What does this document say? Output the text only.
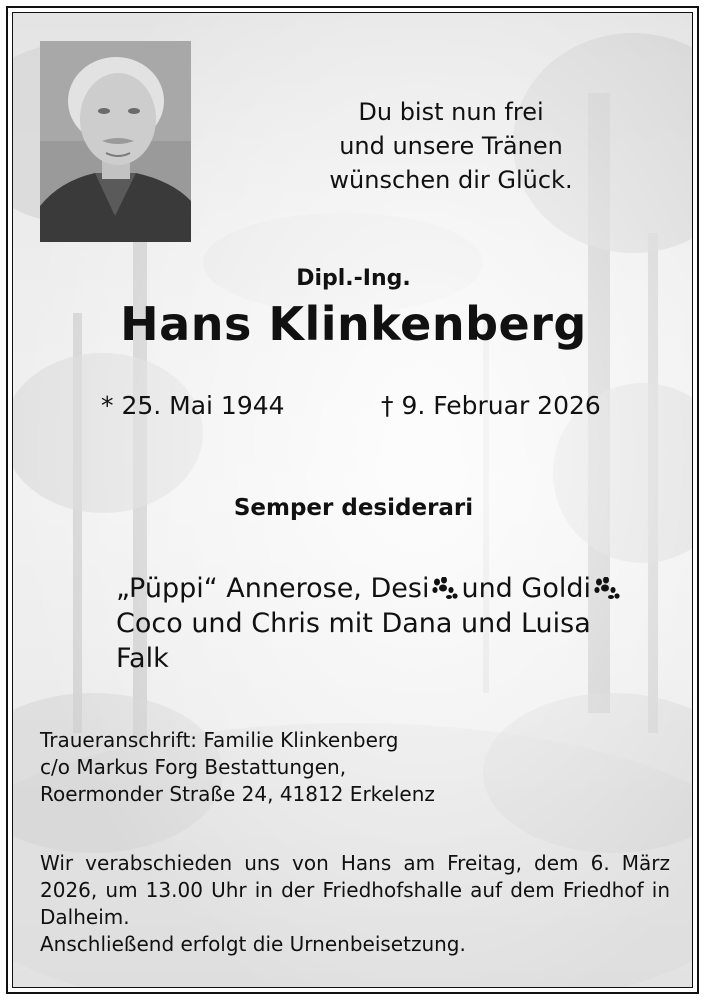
Du bist nun frei
und unsere Tränen
wünschen dir Glück.
Dipl.-Ing.
Hans Klinkenberg
* 25. Mai 1944	† 9. Februar 2026
Semper desiderari
„Püppi“ Annerose, Desi und Goldi
Coco und Chris mit Dana und Luisa
Falk
Traueranschrift: Familie Klinkenberg
c/o Markus Forg Bestattungen,
Roermonder Straße 24, 41812 Erkelenz
Wir verabschieden uns von Hans am Freitag, dem 6. März 2026, um 13.00 Uhr in der Friedhofshalle auf dem Friedhof in Dalheim.
Anschließend erfolgt die Urnenbeisetzung.
